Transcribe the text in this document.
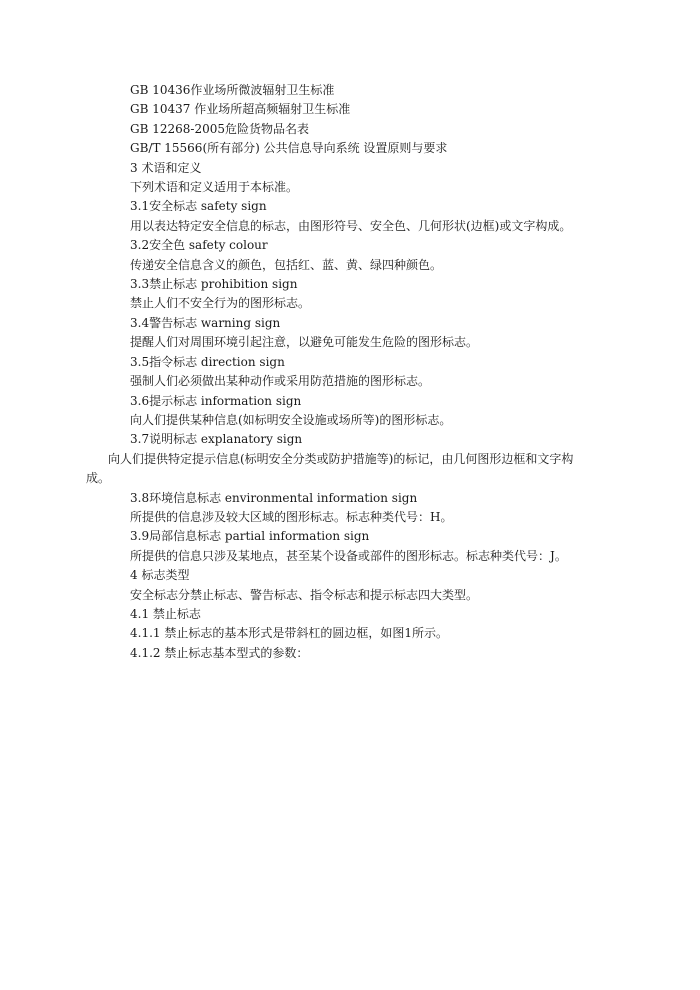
GB 10436作业场所微波辐射卫生标准
GB 10437 作业场所超高频辐射卫生标准
GB 12268-2005危险货物品名表
GB/T 15566(所有部分) 公共信息导向系统 设置原则与要求
3 术语和定义
下列术语和定义适用于本标准。
3.1安全标志 safety sign
用以表达特定安全信息的标志，由图形符号、安全色、几何形状(边框)或文字构成。
3.2安全色 safety colour
传递安全信息含义的颜色，包括红、蓝、黄、绿四种颜色。
3.3禁止标志 prohibition sign
禁止人们不安全行为的图形标志。
3.4警告标志 warning sign
提醒人们对周围环境引起注意，以避免可能发生危险的图形标志。
3.5指令标志 direction sign
强制人们必须做出某种动作或采用防范措施的图形标志。
3.6提示标志 information sign
向人们提供某种信息(如标明安全设施或场所等)的图形标志。
3.7说明标志 explanatory sign
向人们提供特定提示信息(标明安全分类或防护措施等)的标记，由几何图形边框和文字构成。
3.8环境信息标志 environmental information sign
所提供的信息涉及较大区域的图形标志。标志种类代号：H。
3.9局部信息标志 partial information sign
所提供的信息只涉及某地点，甚至某个设备或部件的图形标志。标志种类代号：J。
4 标志类型
安全标志分禁止标志、警告标志、指令标志和提示标志四大类型。
4.1 禁止标志
4.1.1 禁止标志的基本形式是带斜杠的圆边框，如图1所示。
4.1.2 禁止标志基本型式的参数：
